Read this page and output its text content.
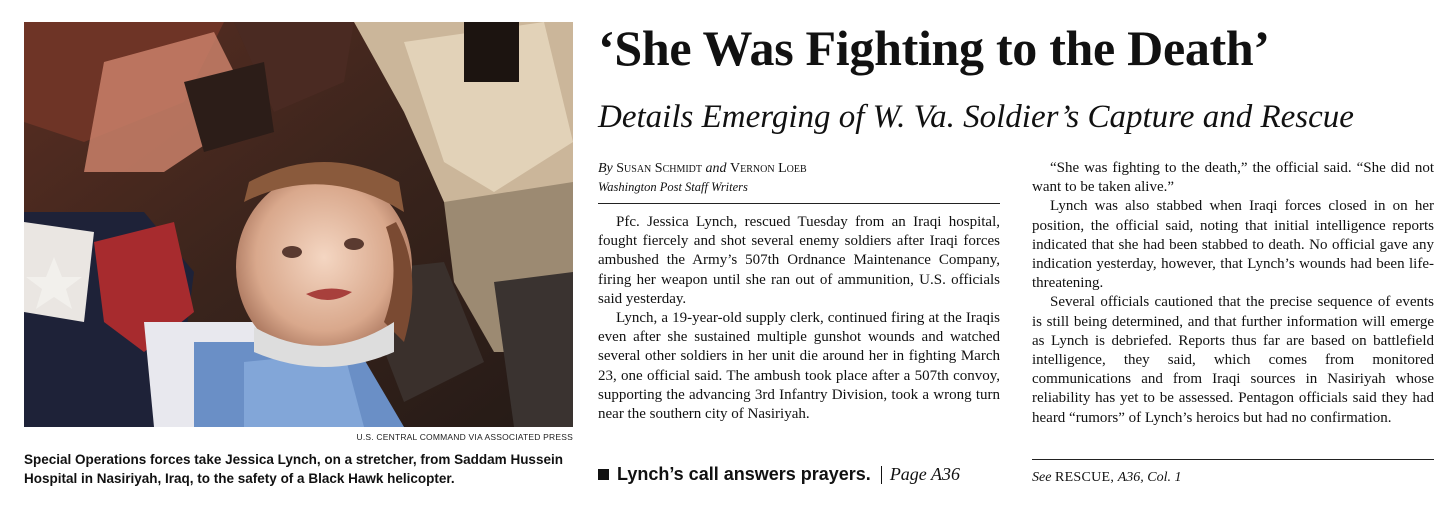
U.S. CENTRAL COMMAND VIA ASSOCIATED PRESS
Special Operations forces take Jessica Lynch, on a stretcher, from Saddam Hussein Hospital in Nasiriyah, Iraq, to the safety of a Black Hawk helicopter.
‘She Was Fighting to the Death’
Details Emerging of W. Va. Soldier’s Capture and Rescue
By Susan Schmidt and Vernon Loeb
Washington Post Staff Writers

Pfc. Jessica Lynch, rescued Tuesday from an Iraqi hospital, fought fiercely and shot several enemy soldiers after Iraqi forces ambushed the Army’s 507th Ordnance Maintenance Company, firing her weapon until she ran out of ammunition, U.S. officials said yesterday.

Lynch, a 19-year-old supply clerk, continued firing at the Iraqis even after she sustained multiple gunshot wounds and watched several other soldiers in her unit die around her in fighting March 23, one official said. The ambush took place after a 507th convoy, supporting the advancing 3rd Infantry Division, took a wrong turn near the southern city of Nasiriyah.

“She was fighting to the death,” the official said. “She did not want to be taken alive.”

Lynch was also stabbed when Iraqi forces closed in on her position, the official said, noting that initial intelligence reports indicated that she had been stabbed to death. No official gave any indication yesterday, however, that Lynch’s wounds had been life-threatening.

Several officials cautioned that the precise sequence of events is still being determined, and that further information will emerge as Lynch is debriefed. Reports thus far are based on battlefield intelligence, they said, which comes from monitored communications and from Iraqi sources in Nasiriyah whose reliability has yet to be assessed. Pentagon officials said they had heard “rumors” of Lynch’s heroics but had no confirmation.

Lynch’s call answers prayers. Page A36	See RESCUE, A36, Col. 1
